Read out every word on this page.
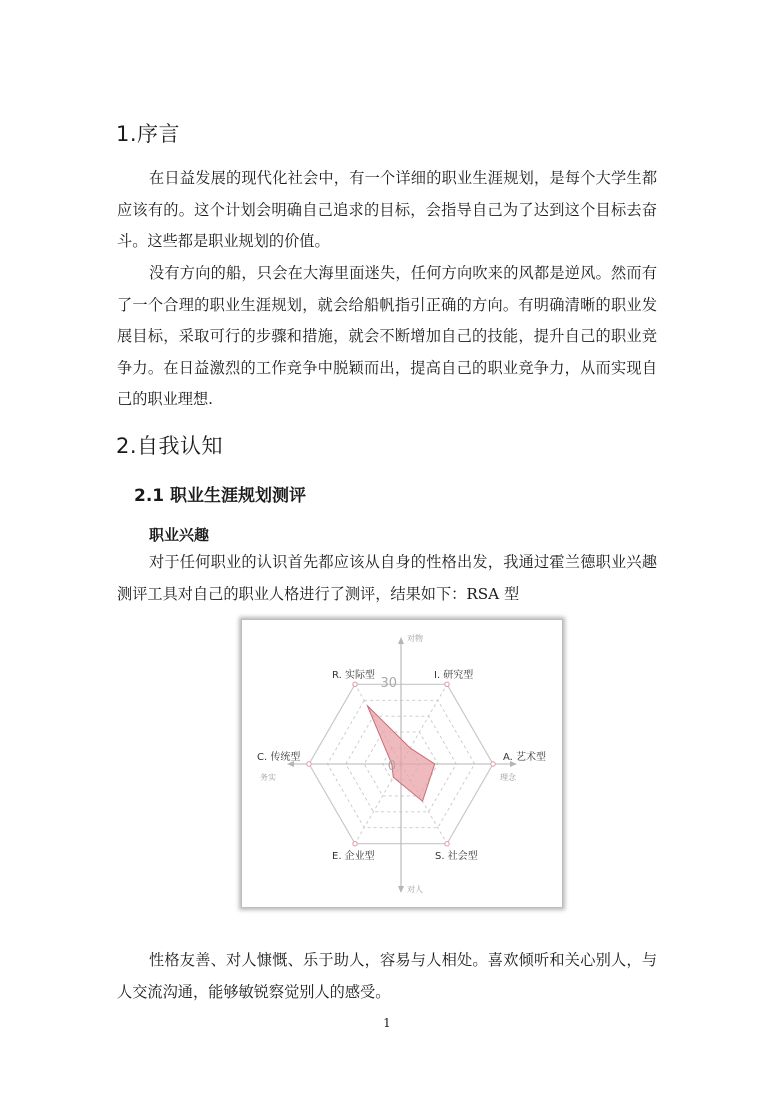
1.序言

在日益发展的现代化社会中，有一个详细的职业生涯规划，是每个大学生都应该有的。这个计划会明确自己追求的目标，会指导自己为了达到这个目标去奋斗。这些都是职业规划的价值。

没有方向的船，只会在大海里面迷失，任何方向吹来的风都是逆风。然而有了一个合理的职业生涯规划，就会给船帆指引正确的方向。有明确清晰的职业发展目标，采取可行的步骤和措施，就会不断增加自己的技能，提升自己的职业竞争力。在日益激烈的工作竞争中脱颖而出，提高自己的职业竞争力，从而实现自己的职业理想.

2.自我认知
2.1 职业生涯规划测评
职业兴趣

对于任何职业的认识首先都应该从自身的性格出发，我通过霍兰德职业兴趣测评工具对自己的职业人格进行了测评，结果如下：RSA 型

0
30
R. 实际型	I. 研究型
A. 艺术型
S. 社会型
E. 企业型
C. 传统型
对物
对人
务实	理念

性格友善、对人慷慨、乐于助人，容易与人相处。喜欢倾听和关心别人，与人交流沟通，能够敏锐察觉别人的感受。

1
